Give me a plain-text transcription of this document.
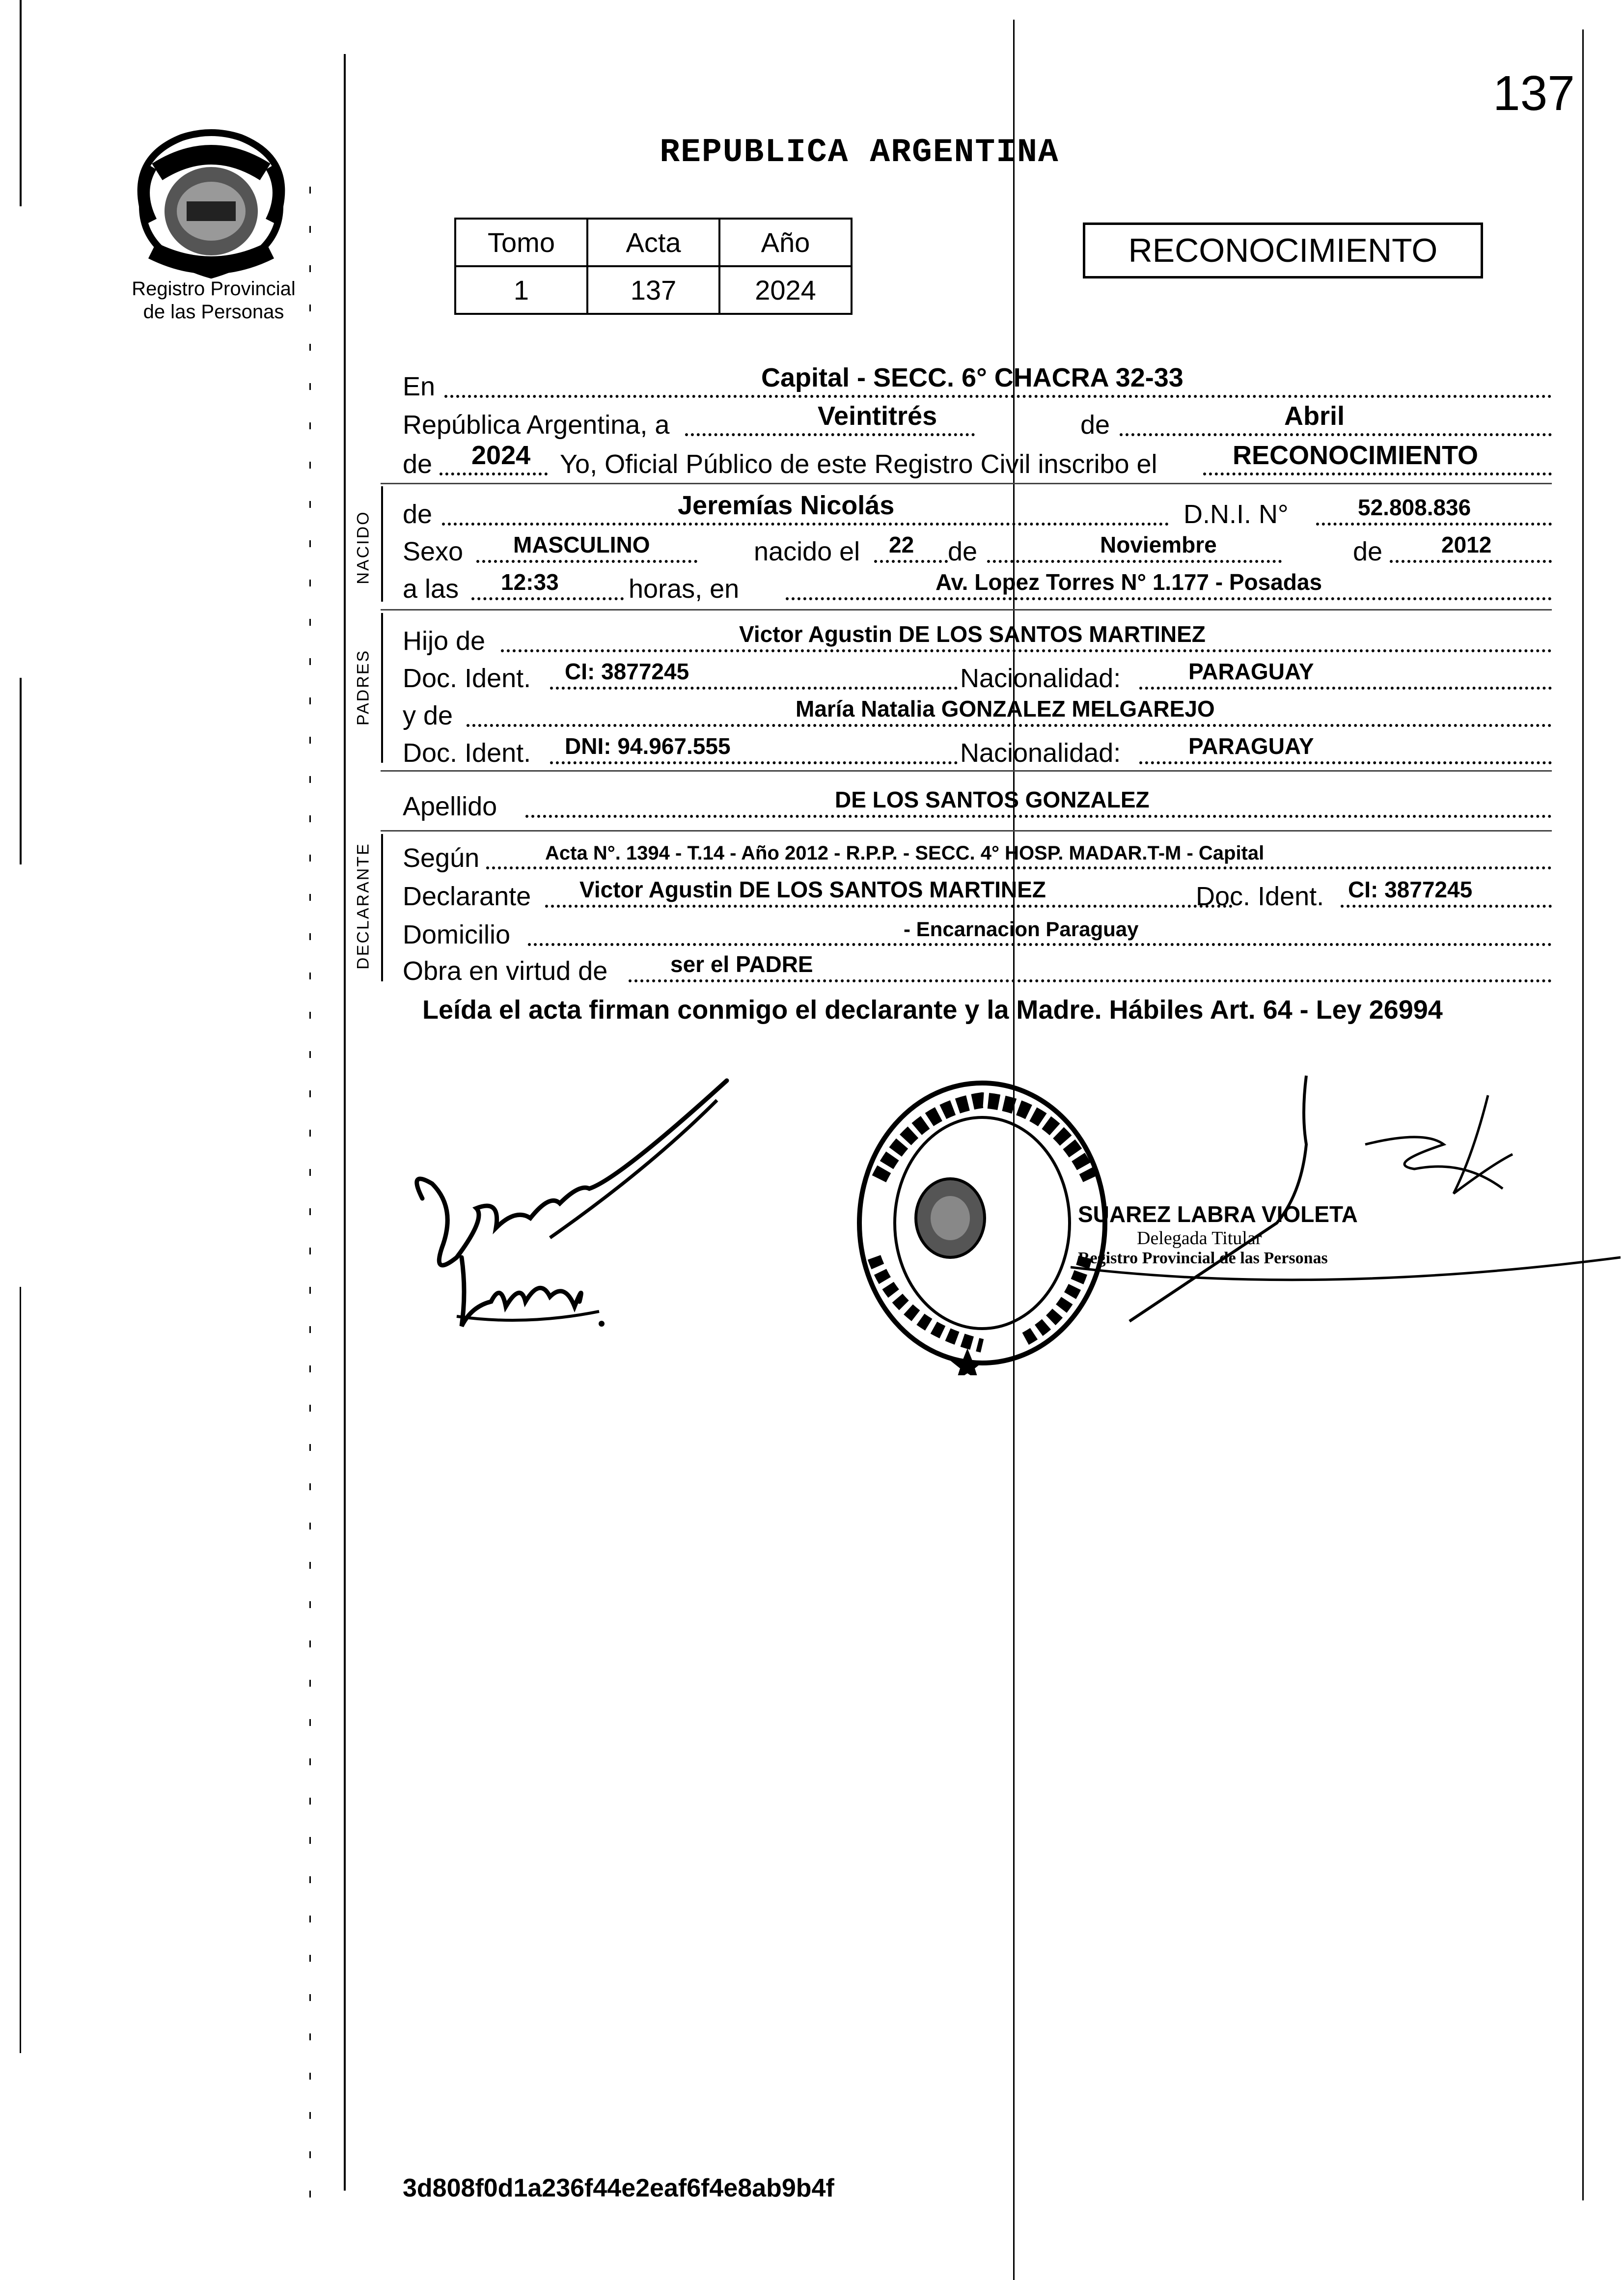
137
Registro Provincial
de las Personas
REPUBLICA ARGENTINA
Tomo	Acta	Año
1	137	2024
RECONOCIMIENTO
En	Capital - SECC. 6° CHACRA 32-33
República Argentina, a	Veintitrés	de	Abril
de 2024 Yo, Oficial Público de este Registro Civil inscribo el	RECONOCIMIENTO
NACIDO de	Jeremías Nicolás	D.N.I. N°	52.808.836
Sexo MASCULINO	nacido el 22 de	Noviembre	de	2012
a las 12:33	horas, en	Av. Lopez Torres N° 1.177 - Posadas
PADRES
Hijo de	Victor Agustin DE LOS SANTOS MARTINEZ
Doc. Ident. CI: 3877245	Nacionalidad:	PARAGUAY
y de	María Natalia GONZALEZ MELGAREJO
Doc. Ident. DNI: 94.967.555	Nacionalidad:	PARAGUAY
Apellido	DE LOS SANTOS GONZALEZ
DECLARANTE Según	Acta N°. 1394 - T.14 - Año 2012 - R.P.P. - SECC. 4° HOSP. MADAR.T-M - Capital
Declarante Victor Agustin DE LOS SANTOS MARTINEZ	Doc. Ident. CI: 3877245
Domicilio	- Encarnacion Paraguay
Obra en virtud de	ser el PADRE
Leída el acta firman conmigo el declarante y la Madre. Hábiles Art. 64 - Ley 26994
SUAREZ LABRA VIOLETA
Delegada Titular
Registro Provincial de las Personas
3d808f0d1a236f44e2eaf6f4e8ab9b4f
